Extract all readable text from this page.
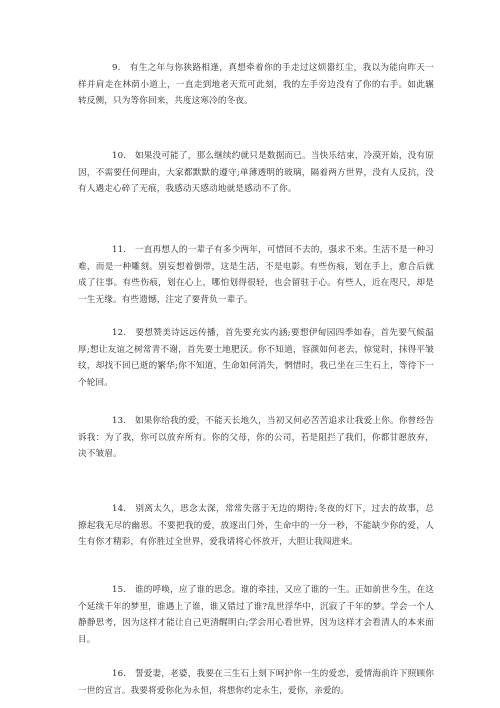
9. 有生之年与你狭路相逢，真想牵着你的手走过这烦嚣红尘，我以为能向昨天一样并肩走在林荫小道上，一直走到地老天荒可此刻，我的左手旁边没有了你的右手。如此辗转反侧，只为等你回来，共度这寒冷的冬夜。

10. 如果没可能了，那么继续约就只是数据而已。当快乐结束，冷漠开始，没有原因，不需要任何理由，大家都默默的遵守;单薄透明的玻璃，隔着两方世界，没有人反抗，没有人遇走心碎了无痕，我感动天感动地就是感动不了你。

11. 一直再想人的一辈子有多少两年，可惜回不去的，强求不来。生活不是一种习难，而是一种雕刻。别妄想着倒带，这是生活，不是电影。有些伤痕，划在手上，愈合后就成了往事。有些伤痕，划在心上，哪怕划得很轻，也会留驻于心。有些人，近在咫尺，却是一生无缘。有些遗憾，注定了要背负一辈子。

12. 要想赞美诗远远传播，首先要充实内涵;要想伊甸园四季如春，首先要气候温厚;想让友谊之树常青不谢，首先要土地肥沃。你不知道，容颜如何老去，惊觉时，抹得平皱纹，却找不回已逝的繁华;你不知道，生命如何消失，惘惜时，我已坐在三生石上，等待下一个轮回。

13. 如果你给我的爱，不能天长地久，当初又何必苦苦追求让我爱上你。你曾经告诉我：为了我，你可以放弃所有。你的父母，你的公司，若是阻拦了我们，你都甘愿放弃，决不皱眉。

14. 别离太久，思念太深，常常失落于无边的期待;冬夜的灯下，过去的故事，总撩起我无尽的幽思。不要把我的爱，放逐出门外，生命中的一分一秒，不能缺少你的爱，人生有你才精彩，有你胜过全世界，爱我请将心怀放开，大胆让我闯进来。

15. 谁的呼唤，应了谁的思念。谁的牵挂，又应了谁的一生。正如前世今生，在这个延续千年的梦里，谁遇上了谁，谁又错过了谁?乱世浮华中，沉寂了千年的梦。学会一个人静静思考，因为这样才能让自己更清醒明白;学会用心看世界，因为这样才会看清人的本来面目。

16. 誓爱妻，老婆，我要在三生石上刻下呵护你一生的爱恋，爱情海前许下照顾你一世的宣言。我要将爱你化为永恒，将想你约定永生，爱你，亲爱的。
